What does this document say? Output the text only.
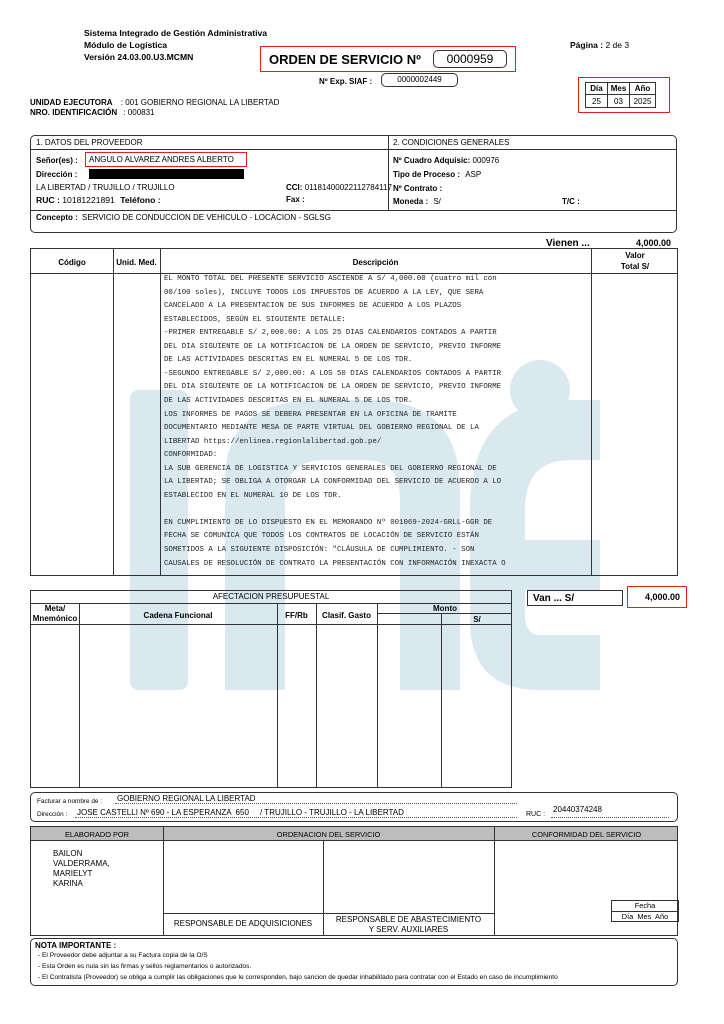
Sistema Integrado de Gestión Administrativa
Módulo de Logística
Versión 24.03.00.U3.MCMN	ORDEN DE SERVICIO Nº	0000959
Página : 2 de 3
Nº Exp. SIAF :	0000002449
Día	Mes	Año
25	03	2025
UNIDAD EJECUTORA : 001 GOBIERNO REGIONAL LA LIBERTAD
NRO. IDENTIFICACIÓN : 000831
1. DATOS DEL PROVEEDOR	2. CONDICIONES GENERALES
Señor(es) :	ANGULO ALVAREZ ANDRES ALBERTO
Dirección :
LA LIBERTAD / TRUJILLO / TRUJILLO	CCI: 01181400022112784117
RUC : 10181221891 Teléfono :	Fax :
Nº Cuadro Adquisic: 000976
Tipo de Proceso : ASP
Nº Contrato :
Moneda : S/	T/C :
Concepto : SERVICIO DE CONDUCCION DE VEHICULO - LOCACION - SGLSG
Vienen ...	4,000.00
Código	Unid. Med.	Descripción
Valor
Total S/
EL MONTO TOTAL DEL PRESENTE SERVICIO ASCIENDE A S/ 4,000.00 (cuatro mil con
00/100 soles), INCLUYE TODOS LOS IMPUESTOS DE ACUERDO A LA LEY, QUE SERA
CANCELADO A LA PRESENTACION DE SUS INFORMES DE ACUERDO A LOS PLAZOS
ESTABLECIDOS, SEGÚN EL SIGUIENTE DETALLE:
-PRIMER ENTREGABLE S/ 2,000.00: A LOS 25 DIAS CALENDARIOS CONTADOS A PARTIR
DEL DIA SIGUIENTE DE LA NOTIFICACION DE LA ORDEN DE SERVICIO, PREVIO INFORME
DE LAS ACTIVIDADES DESCRITAS EN EL NUMERAL 5 DE LOS TDR.
-SEGUNDO ENTREGABLE S/ 2,000.00: A LOS 50 DIAS CALENDARIOS CONTADOS A PARTIR
DEL DIA SIGUIENTE DE LA NOTIFICACION DE LA ORDEN DE SERVICIO, PREVIO INFORME
DE LAS ACTIVIDADES DESCRITAS EN EL NUMERAL 5 DE LOS TDR.
LOS INFORMES DE PAGOS SE DEBERA PRESENTAR EN LA OFICINA DE TRAMITE
DOCUMENTARIO MEDIANTE MESA DE PARTE VIRTUAL DEL GOBIERNO REGIONAL DE LA
LIBERTAD https://enlinea.regionlalibertad.gob.pe/
CONFORMIDAD:
LA SUB GERENCIA DE LOGISTICA Y SERVICIOS GENERALES DEL GOBIERNO REGIONAL DE
LA LIBERTAD; SE OBLIGA A OTORGAR LA CONFORMIDAD DEL SERVICIO DE ACUERDO A LO
ESTABLECIDO EN EL NUMERAL 10 DE LOS TDR.
EN CUMPLIMIENTO DE LO DISPUESTO EN EL MEMORANDO Nº 001069-2024-GRLL-GGR DE
FECHA SE COMUNICA QUE TODOS LOS CONTRATOS DE LOCACIÓN DE SERVICIO ESTÁN
SOMETIDOS A LA SIGUIENTE DISPOSICIÓN: "CLÁUSULA DE CUMPLIMIENTO. - SON
CAUSALES DE RESOLUCIÓN DE CONTRATO LA PRESENTACIÓN CON INFORMACIÓN INEXACTA O
AFECTACION PRESUPUESTAL
Meta/
Mnemónico	Cadena Funcional	FF/Rb	Clasif. Gasto
Monto
S/
Van ... S/	4,000.00
Facturar a nombre de : GOBIERNO REGIONAL LA LIBERTAD
Dirección : JOSE CASTELLI Nº 690 - LA ESPERANZA  650     / TRUJILLO - TRUJILLO - LA LIBERTAD	RUC :
20440374248
ELABORADO POR	ORDENACION DEL SERVICIO	CONFORMIDAD DEL SERVICIO
BAILON
VALDERRAMA,
MARIELYT
KARINA
RESPONSABLE DE ADQUISICIONES	RESPONSABLE DE ABASTECIMIENTO
Y SERV. AUXILIARES
Fecha
Día  Mes  Año
NOTA IMPORTANTE :
- El Proveedor debe adjuntar a su Factura copia de la O/S
- Esta Orden es nula sin las firmas y sellos reglamentarios o autorizados.
- El Contratista (Proveedor) se obliga a cumplir las obligaciones que le corresponden, bajo sancion de quedar inhabilitado para contratar con el Estado en caso de incumplimiento
